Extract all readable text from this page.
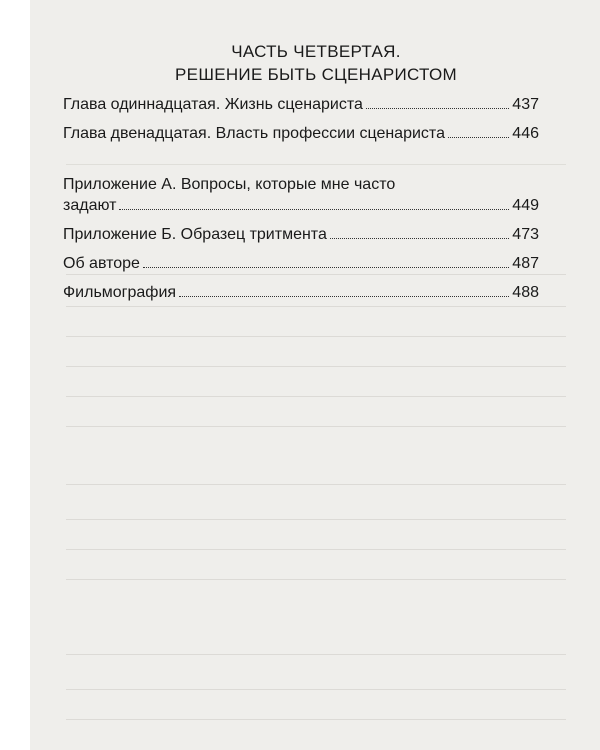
ЧАСТЬ ЧЕТВЕРТАЯ.
РЕШЕНИЕ БЫТЬ СЦЕНАРИСТОМ
Глава одиннадцатая. Жизнь сценариста	437
Глава двенадцатая. Власть профессии сценариста	446
Приложение А. Вопросы, которые мне часто
задают	449
Приложение Б. Образец тритмента	473
Об авторе	487
Фильмография	488
